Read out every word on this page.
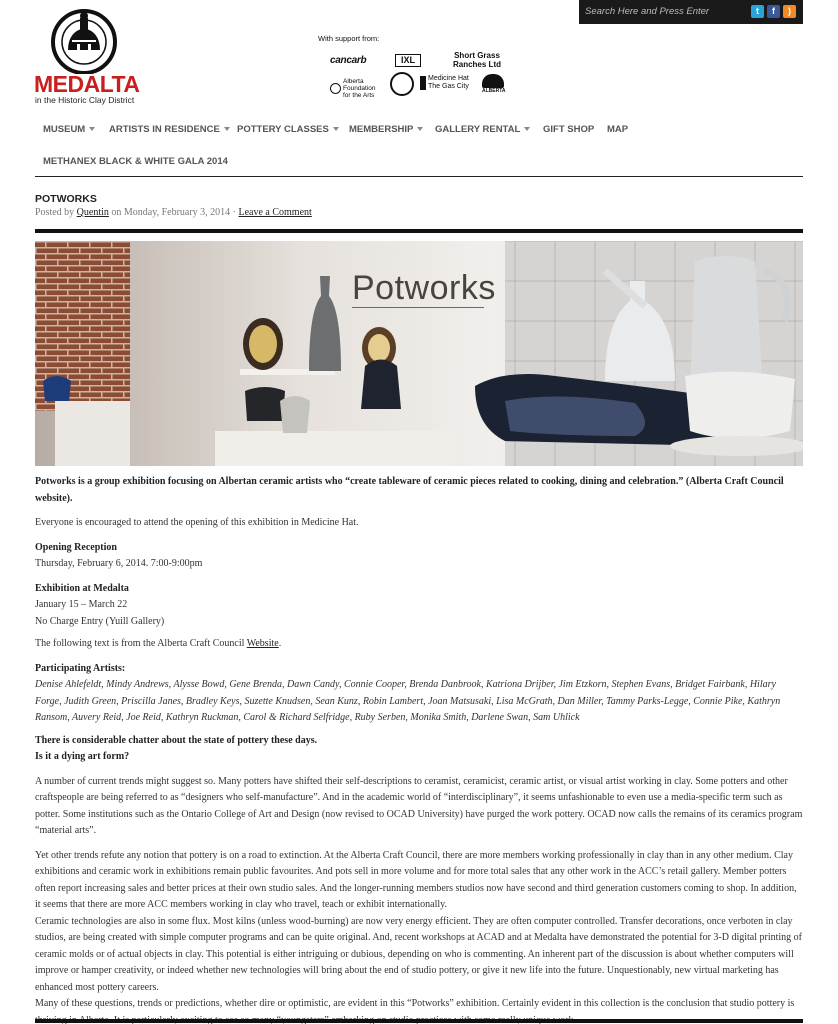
MEDALTA
in the Historic Clay District
With support from:
cancarb	IXL	Short Grass Ranches Ltd
Alberta Foundation for the Arts
Medicine Hat The Gas City
ALBERTA
Search Here and Press Enter
t	f	)
MUSEUM	ARTISTS IN RESIDENCE	POTTERY CLASSES	MEMBERSHIP	GALLERY RENTAL	GIFT SHOP MAP
METHANEX BLACK & WHITE GALA 2014
POTWORKS
Posted by Quentin on Monday, February 3, 2014 · Leave a Comment
Potworks

Potworks is a group exhibition focusing on Albertan ceramic artists who “create tableware of ceramic pieces related to cooking, dining and celebration.” (Alberta Craft Council website).

Everyone is encouraged to attend the opening of this exhibition in Medicine Hat.

Opening Reception

Thursday, February 6, 2014. 7:00-9:00pm

Exhibition at Medalta
January 15 – March 22

No Charge Entry (Yuill Gallery)

The following text is from the Alberta Craft Council Website.

Participating Artists:

Denise Ahlefeldt, Mindy Andrews, Alysse Bowd, Gene Brenda, Dawn Candy, Connie Cooper, Brenda Danbrook, Katriona Drijber, Jim Etzkorn, Stephen Evans, Bridget Fairbank, Hilary Forge, Judith Green, Priscilla Janes, Bradley Keys, Suzette Knudsen, Sean Kunz, Robin Lambert, Joan Matsusaki, Lisa McGrath, Dan Miller, Tammy Parks-Legge, Connie Pike, Kathryn Ransom, Auvery Reid, Joe Reid, Kathryn Ruckman, Carol & Richard Selfridge, Ruby Serben, Monika Smith, Darlene Swan, Sam Uhlick

There is considerable chatter about the state of pottery these days.

Is it a dying art form?

A number of current trends might suggest so. Many potters have shifted their self-descriptions to ceramist, ceramicist, ceramic artist, or visual artist working in clay. Some potters and other craftspeople are being referred to as “designers who self-manufacture”. And in the academic world of “interdisciplinary”, it seems unfashionable to even use a media-specific term such as potter. Some institutions such as the Ontario College of Art and Design (now revised to OCAD University) have purged the work pottery. OCAD now calls the remains of its ceramics program “material arts”.

Yet other trends refute any notion that pottery is on a road to extinction. At the Alberta Craft Council, there are more members working professionally in clay than in any other medium. Clay exhibitions and ceramic work in exhibitions remain public favourites. And pots sell in more volume and for more total sales that any other work in the ACC’s retail gallery. Member potters often report increasing sales and better prices at their own studio sales. And the longer-running members studios now have second and third generation customers coming to shop. In addition, it seems that there are more ACC members working in clay who travel, teach or exhibit internationally.
Ceramic technologies are also in some flux. Most kilns (unless wood-burning) are now very energy efficient. They are often computer controlled. Transfer decorations, once verboten in clay studios, are being created with simple computer programs and can be quite original. And, recent workshops at ACAD and at Medalta have demonstrated the potential for 3-D digital printing of ceramic molds or of actual objects in clay. This potential is either intriguing or dubious, depending on who is commenting. An inherent part of the discussion is about whether computers will improve or hamper creativity, or indeed whether new technologies will bring about the end of studio pottery, or give it new life into the future. Unquestionably, new virtual marketing has enhanced most pottery careers.
Many of these questions, trends or predictions, whether dire or optimistic, are evident in this “Potworks” exhibition. Certainly evident in this collection is the conclusion that studio pottery is
